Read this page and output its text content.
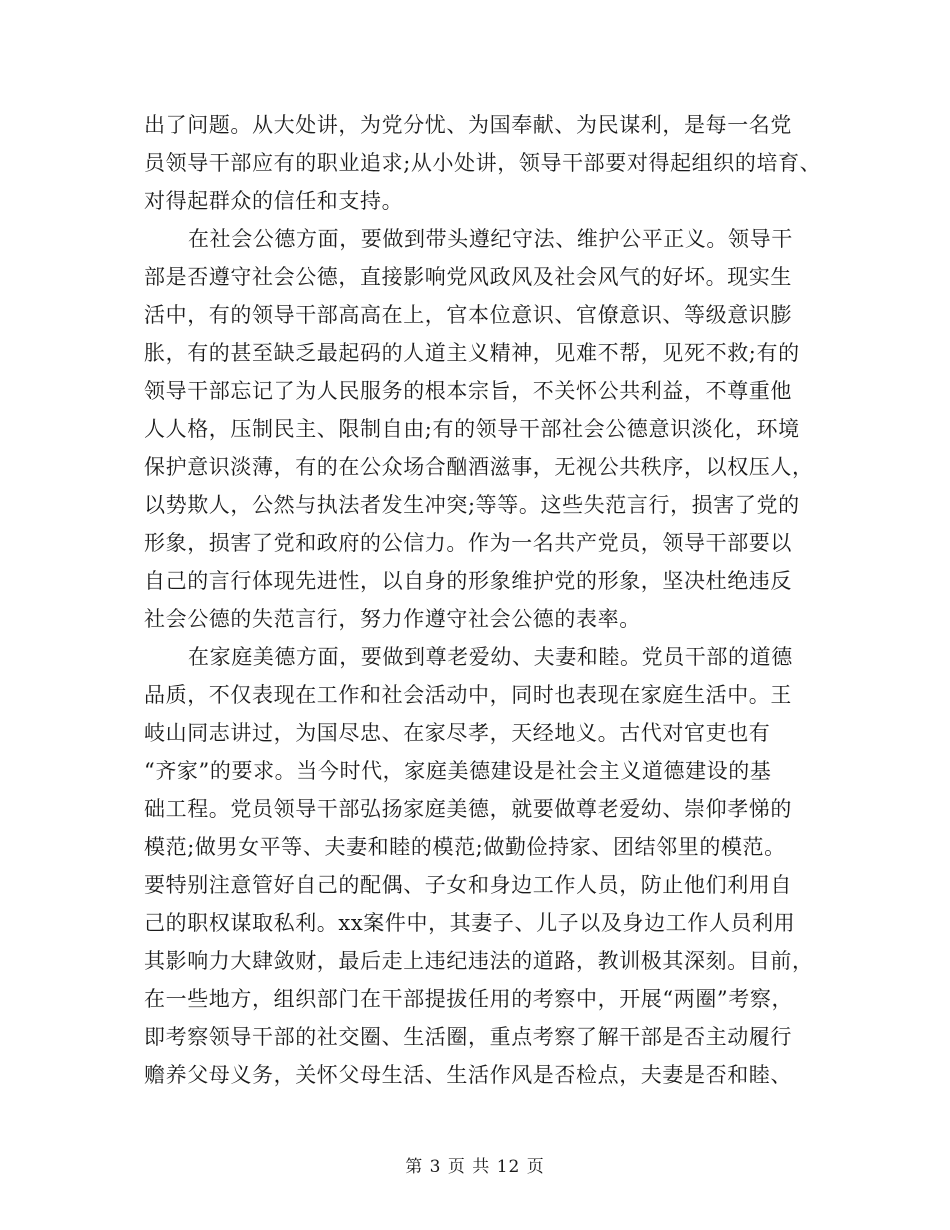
出了问题。从大处讲，为党分忧、为国奉献、为民谋利，是每一名党
员领导干部应有的职业追求;从小处讲，领导干部要对得起组织的培育、
对得起群众的信任和支持。
在社会公德方面，要做到带头遵纪守法、维护公平正义。领导干
部是否遵守社会公德，直接影响党风政风及社会风气的好坏。现实生
活中，有的领导干部高高在上，官本位意识、官僚意识、等级意识膨
胀，有的甚至缺乏最起码的人道主义精神，见难不帮，见死不救;有的
领导干部忘记了为人民服务的根本宗旨，不关怀公共利益，不尊重他
人人格，压制民主、限制自由;有的领导干部社会公德意识淡化，环境
保护意识淡薄，有的在公众场合酗酒滋事，无视公共秩序，以权压人，
以势欺人，公然与执法者发生冲突;等等。这些失范言行，损害了党的
形象，损害了党和政府的公信力。作为一名共产党员，领导干部要以
自己的言行体现先进性，以自身的形象维护党的形象，坚决杜绝违反
社会公德的失范言行，努力作遵守社会公德的表率。
在家庭美德方面，要做到尊老爱幼、夫妻和睦。党员干部的道德
品质，不仅表现在工作和社会活动中，同时也表现在家庭生活中。王
岐山同志讲过，为国尽忠、在家尽孝，天经地义。古代对官吏也有
“齐家”的要求。当今时代，家庭美德建设是社会主义道德建设的基
础工程。党员领导干部弘扬家庭美德，就要做尊老爱幼、崇仰孝悌的
模范;做男女平等、夫妻和睦的模范;做勤俭持家、团结邻里的模范。
要特别注意管好自己的配偶、子女和身边工作人员，防止他们利用自
己的职权谋取私利。xx案件中，其妻子、儿子以及身边工作人员利用
其影响力大肆敛财，最后走上违纪违法的道路，教训极其深刻。目前，
在一些地方，组织部门在干部提拔任用的考察中，开展“两圈”考察，
即考察领导干部的社交圈、生活圈，重点考察了解干部是否主动履行
赡养父母义务，关怀父母生活、生活作风是否检点，夫妻是否和睦、
第 3 页 共 12 页
